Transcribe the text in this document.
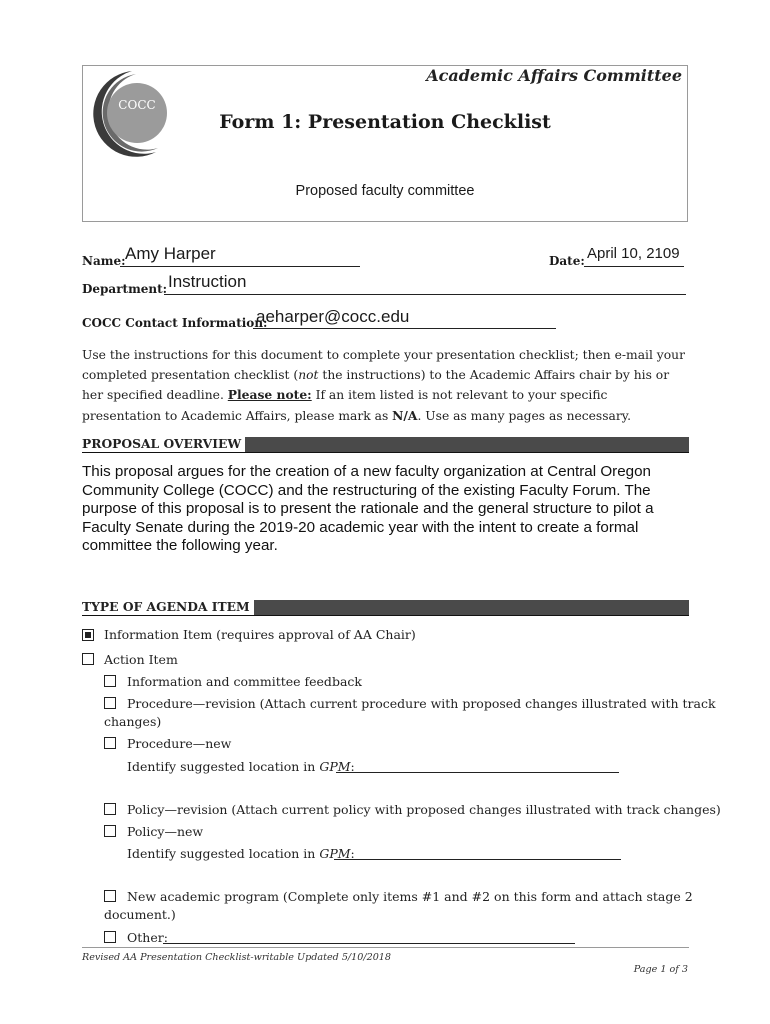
COCC
Academic Affairs Committee
Form 1: Presentation Checklist
Proposed faculty committee
Name: Amy Harper	Date: April 10, 2109
Department: Instruction
COCC Contact Information:
aeharper@cocc.edu
Use the instructions for this document to complete your presentation checklist; then e-mail your completed presentation checklist (not the instructions) to the Academic Affairs chair by his or her specified deadline. Please note: If an item listed is not relevant to your specific presentation to Academic Affairs, please mark as N/A. Use as many pages as necessary.
PROPOSAL OVERVIEW
This proposal argues for the creation of a new faculty organization at Central Oregon Community College (COCC) and the restructuring of the existing Faculty Forum. The purpose of this proposal is to present the rationale and the general structure to pilot a Faculty Senate during the 2019-20 academic year with the intent to create a formal committee the following year.
TYPE OF AGENDA ITEM
Information Item (requires approval of AA Chair)
Action Item
Information and committee feedback
Procedure—revision (Attach current procedure with proposed changes illustrated with track
changes)
Procedure—new
Identify suggested location in GPM:
Policy—revision (Attach current policy with proposed changes illustrated with track changes)
Policy—new
Identify suggested location in GPM:
New academic program (Complete only items #1 and #2 on this form and attach stage 2
document.)
Other:
Revised AA Presentation Checklist-writable Updated 5/10/2018
Page 1 of 3
